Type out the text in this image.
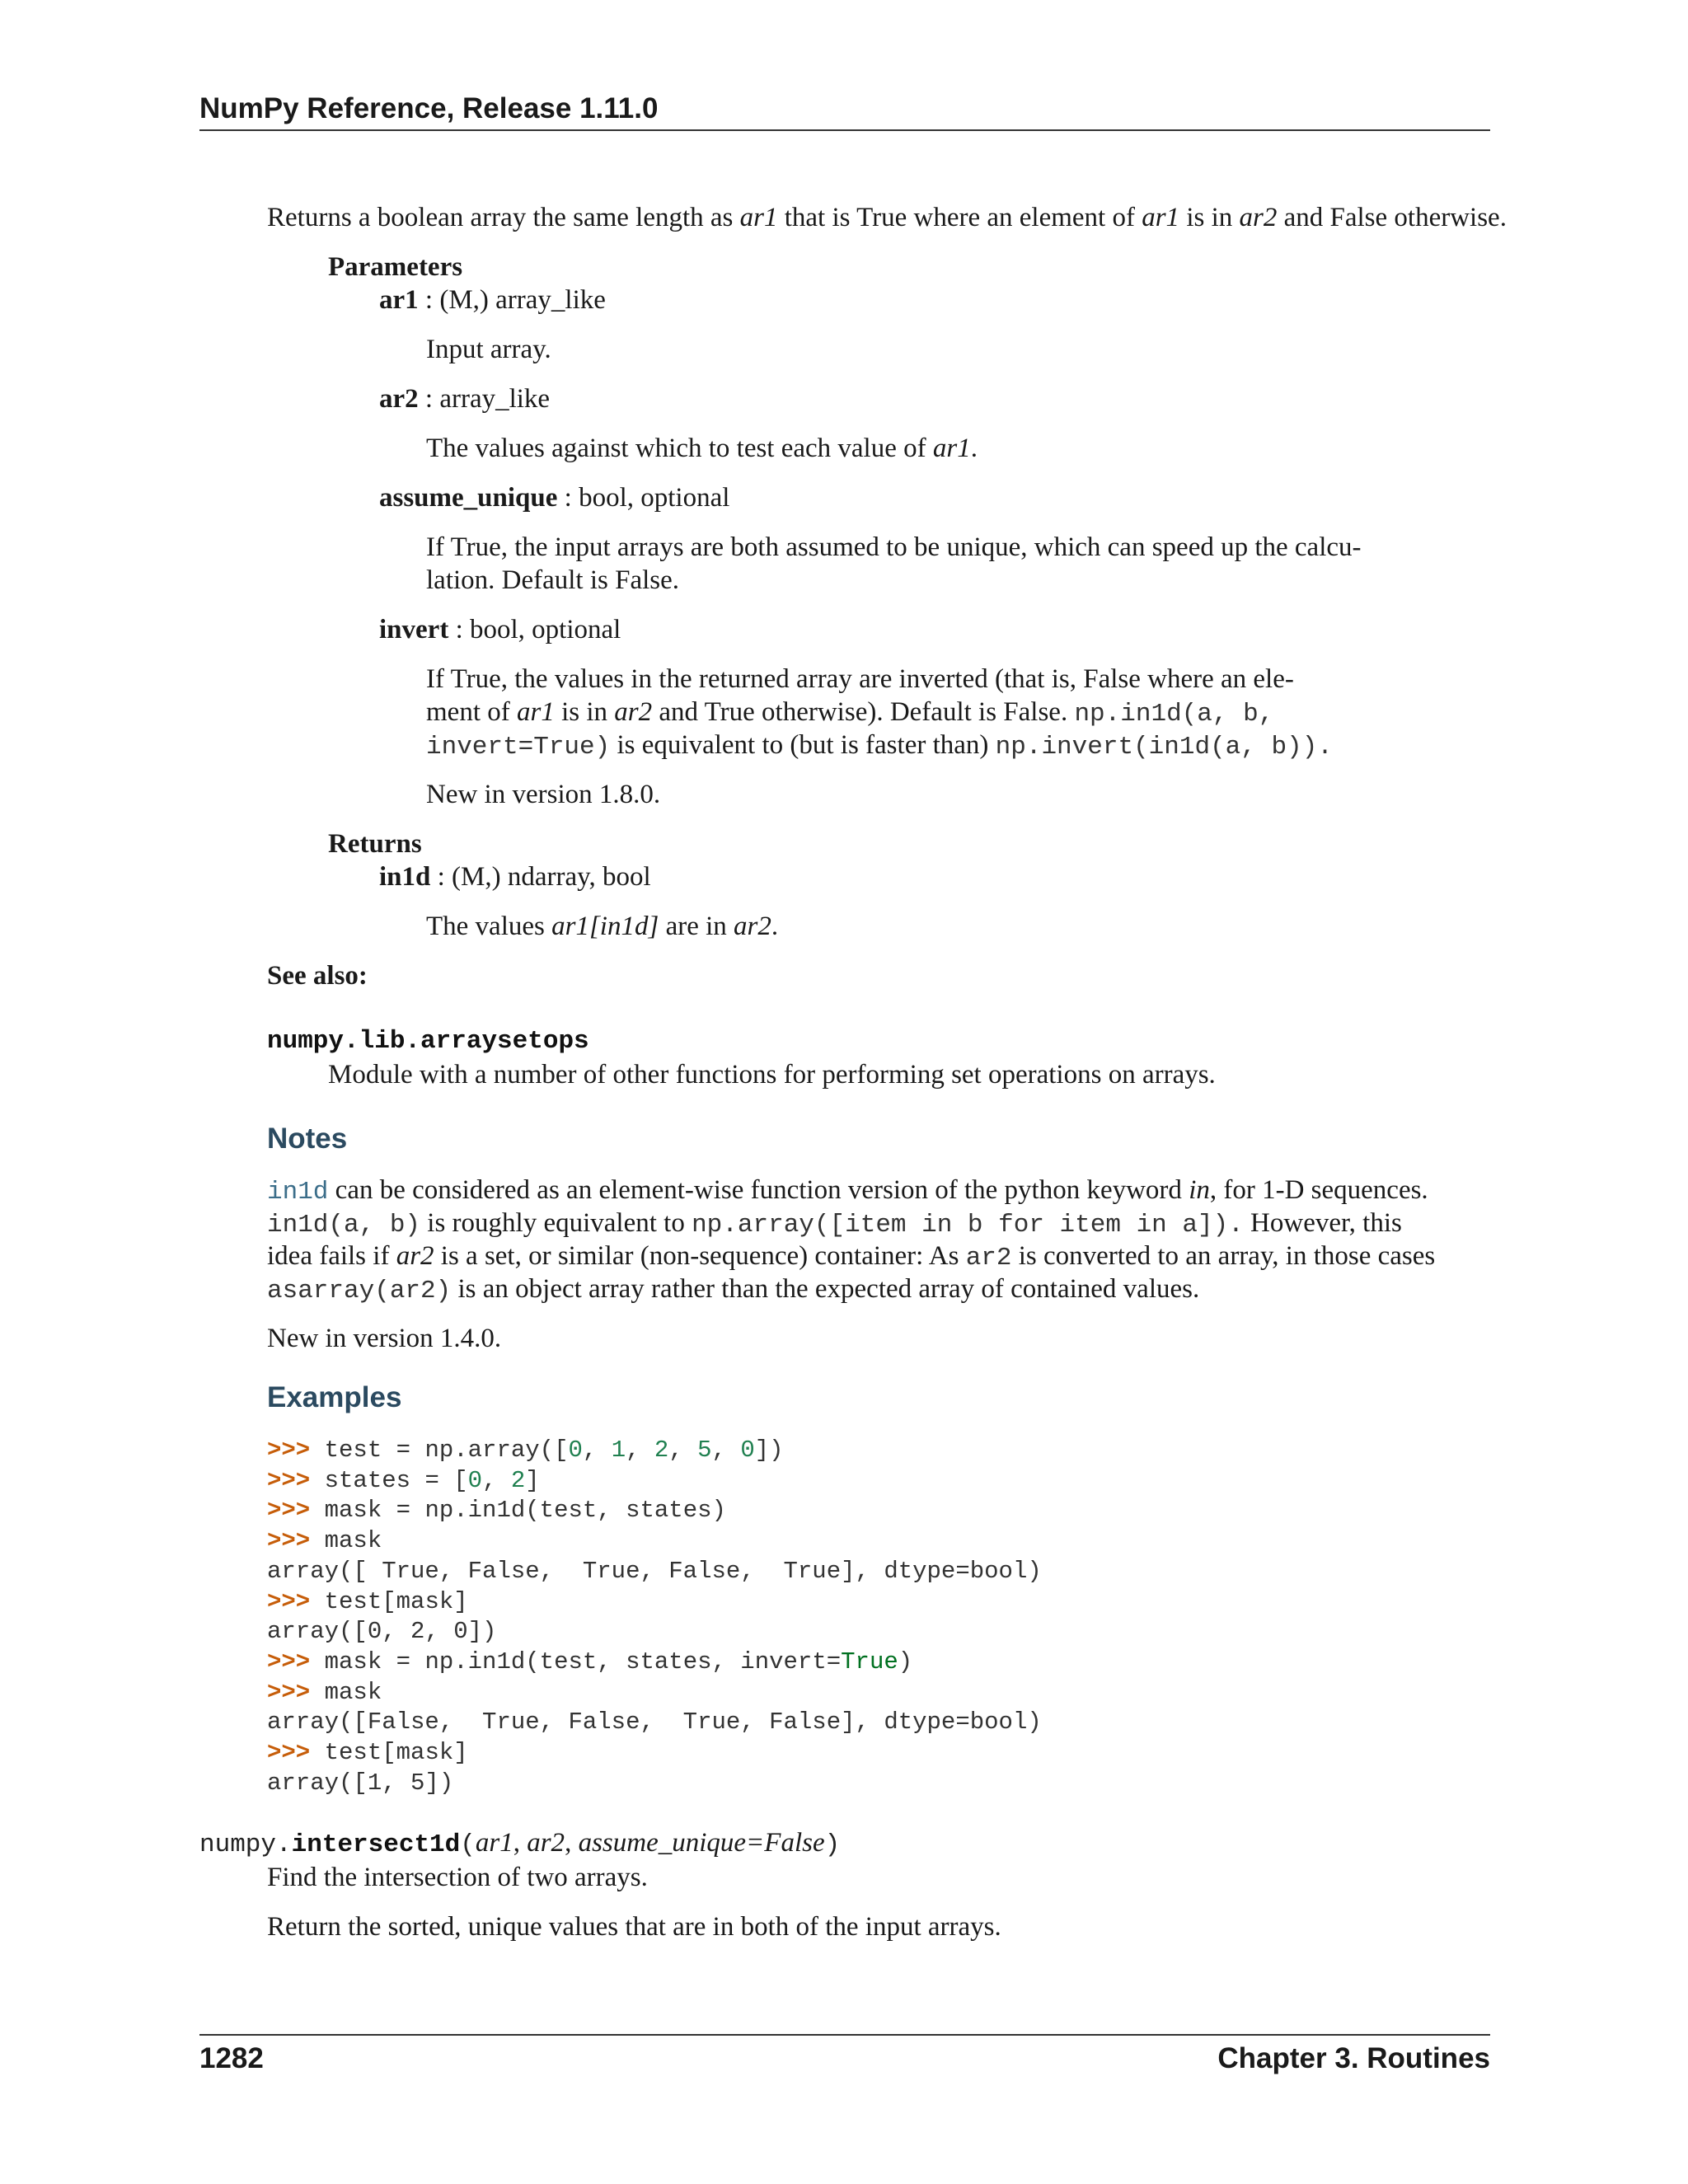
NumPy Reference, Release 1.11.0
Returns a boolean array the same length as ar1 that is True where an element of ar1 is in ar2 and False otherwise.
Parameters
ar1 : (M,) array_like
Input array.
ar2 : array_like
The values against which to test each value of ar1.
assume_unique : bool, optional
If True, the input arrays are both assumed to be unique, which can speed up the calcu-
lation. Default is False.
invert : bool, optional
If True, the values in the returned array are inverted (that is, False where an ele-
ment of ar1 is in ar2 and True otherwise). Default is False. np.in1d(a, b,
invert=True) is equivalent to (but is faster than) np.invert(in1d(a, b)).
New in version 1.8.0.
Returns
in1d : (M,) ndarray, bool
The values ar1[in1d] are in ar2.
See also:
numpy.lib.arraysetops
Module with a number of other functions for performing set operations on arrays.
Notes
in1d can be considered as an element-wise function version of the python keyword in, for 1-D sequences.
in1d(a, b) is roughly equivalent to np.array([item in b for item in a]). However, this
idea fails if ar2 is a set, or similar (non-sequence) container: As ar2 is converted to an array, in those cases
asarray(ar2) is an object array rather than the expected array of contained values.
New in version 1.4.0.
Examples
>>> test = np.array([0, 1, 2, 5, 0])
>>> states = [0, 2]
>>> mask = np.in1d(test, states)
>>> mask
array([ True, False,  True, False,  True], dtype=bool)
>>> test[mask]
array([0, 2, 0])
>>> mask = np.in1d(test, states, invert=True)
>>> mask
array([False,  True, False,  True, False], dtype=bool)
>>> test[mask]
array([1, 5])
numpy.intersect1d(ar1, ar2, assume_unique=False)
Find the intersection of two arrays.
Return the sorted, unique values that are in both of the input arrays.
1282	Chapter 3. Routines
